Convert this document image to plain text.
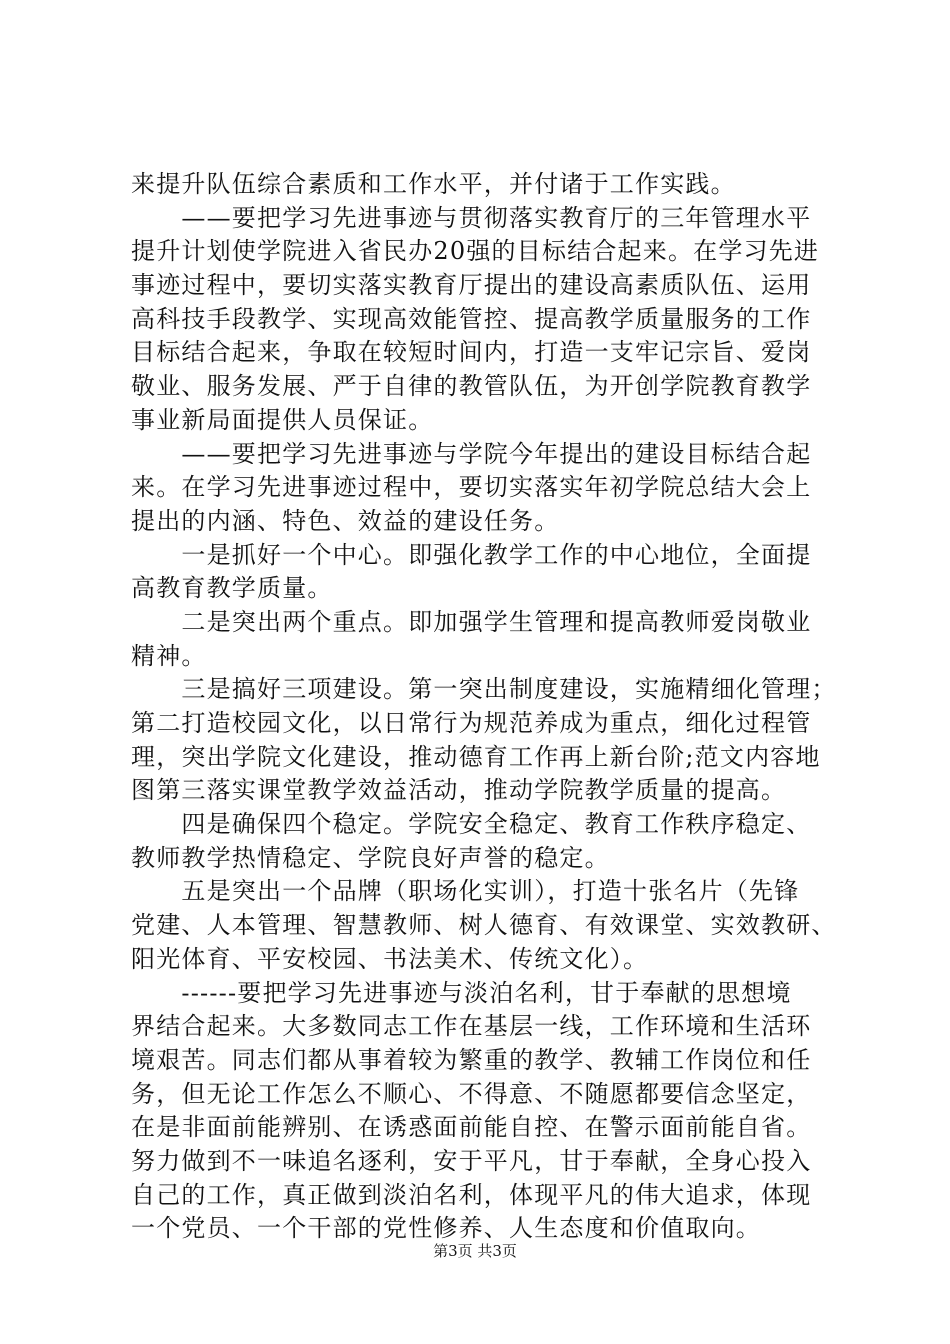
来提升队伍综合素质和工作水平，并付诸于工作实践。
　　——要把学习先进事迹与贯彻落实教育厅的三年管理水平
提升计划使学院进入省民办20强的目标结合起来。在学习先进
事迹过程中，要切实落实教育厅提出的建设高素质队伍、运用
高科技手段教学、实现高效能管控、提高教学质量服务的工作
目标结合起来，争取在较短时间内，打造一支牢记宗旨、爱岗
敬业、服务发展、严于自律的教管队伍，为开创学院教育教学
事业新局面提供人员保证。
　　——要把学习先进事迹与学院今年提出的建设目标结合起
来。在学习先进事迹过程中，要切实落实年初学院总结大会上
提出的内涵、特色、效益的建设任务。
　　一是抓好一个中心。即强化教学工作的中心地位，全面提
高教育教学质量。
　　二是突出两个重点。即加强学生管理和提高教师爱岗敬业
精神。
　　三是搞好三项建设。第一突出制度建设，实施精细化管理；
第二打造校园文化，以日常行为规范养成为重点，细化过程管
理，突出学院文化建设，推动德育工作再上新台阶;范文内容地
图第三落实课堂教学效益活动，推动学院教学质量的提高。
　　四是确保四个稳定。学院安全稳定、教育工作秩序稳定、
教师教学热情稳定、学院良好声誉的稳定。
　　五是突出一个品牌（职场化实训），打造十张名片（先锋
党建、人本管理、智慧教师、树人德育、有效课堂、实效教研、
阳光体育、平安校园、书法美术、传统文化）。
　　------要把学习先进事迹与淡泊名利，甘于奉献的思想境
界结合起来。大多数同志工作在基层一线，工作环境和生活环
境艰苦。同志们都从事着较为繁重的教学、教辅工作岗位和任
务，但无论工作怎么不顺心、不得意、不随愿都要信念坚定，
在是非面前能辨别、在诱惑面前能自控、在警示面前能自省。
努力做到不一味追名逐利，安于平凡，甘于奉献，全身心投入
自己的工作，真正做到淡泊名利，体现平凡的伟大追求，体现
一个党员、一个干部的党性修养、人生态度和价值取向。
第3页 共3页
